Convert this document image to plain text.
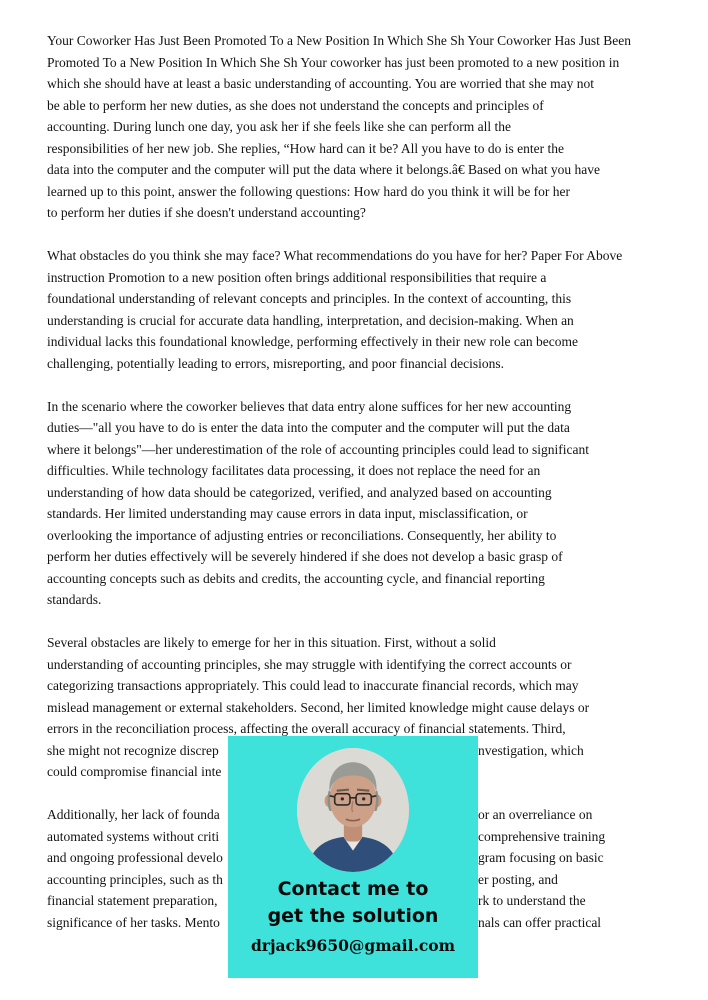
Your Coworker Has Just Been Promoted To a New Position In Which She Sh Your Coworker Has Just Been
Promoted To a New Position In Which She Sh Your coworker has just been promoted to a new position in
which she should have at least a basic understanding of accounting. You are worried that she may not
be able to perform her new duties, as she does not understand the concepts and principles of
accounting. During lunch one day, you ask her if she feels like she can perform all the
responsibilities of her new job. She replies, “How hard can it be? All you have to do is enter the
data into the computer and the computer will put the data where it belongs.â€ Based on what you have
learned up to this point, answer the following questions: How hard do you think it will be for her
to perform her duties if she doesn't understand accounting?
What obstacles do you think she may face? What recommendations do you have for her? Paper For Above
instruction Promotion to a new position often brings additional responsibilities that require a
foundational understanding of relevant concepts and principles. In the context of accounting, this
understanding is crucial for accurate data handling, interpretation, and decision-making. When an
individual lacks this foundational knowledge, performing effectively in their new role can become
challenging, potentially leading to errors, misreporting, and poor financial decisions.
In the scenario where the coworker believes that data entry alone suffices for her new accounting
duties—"all you have to do is enter the data into the computer and the computer will put the data
where it belongs"—her underestimation of the role of accounting principles could lead to significant
difficulties. While technology facilitates data processing, it does not replace the need for an
understanding of how data should be categorized, verified, and analyzed based on accounting
standards. Her limited understanding may cause errors in data input, misclassification, or
overlooking the importance of adjusting entries or reconciliations. Consequently, her ability to
perform her duties effectively will be severely hindered if she does not develop a basic grasp of
accounting concepts such as debits and credits, the accounting cycle, and financial reporting
standards.
Several obstacles are likely to emerge for her in this situation. First, without a solid
understanding of accounting principles, she may struggle with identifying the correct accounts or
categorizing transactions appropriately. This could lead to inaccurate financial records, which may
mislead management or external stakeholders. Second, her limited knowledge might cause delays or
errors in the reconciliation process, affecting the overall accuracy of financial statements. Third,
she might not recognize discrep	nvestigation, which
could compromise financial inte
Additionally, her lack of founda	or an overreliance on
automated systems without criti	comprehensive training
and ongoing professional develo	gram focusing on basic
accounting principles, such as th	er posting, and
financial statement preparation,	rk to understand the
significance of her tasks. Mento	nals can offer practical
Contact me to
get the solution
drjack9650@gmail.com
